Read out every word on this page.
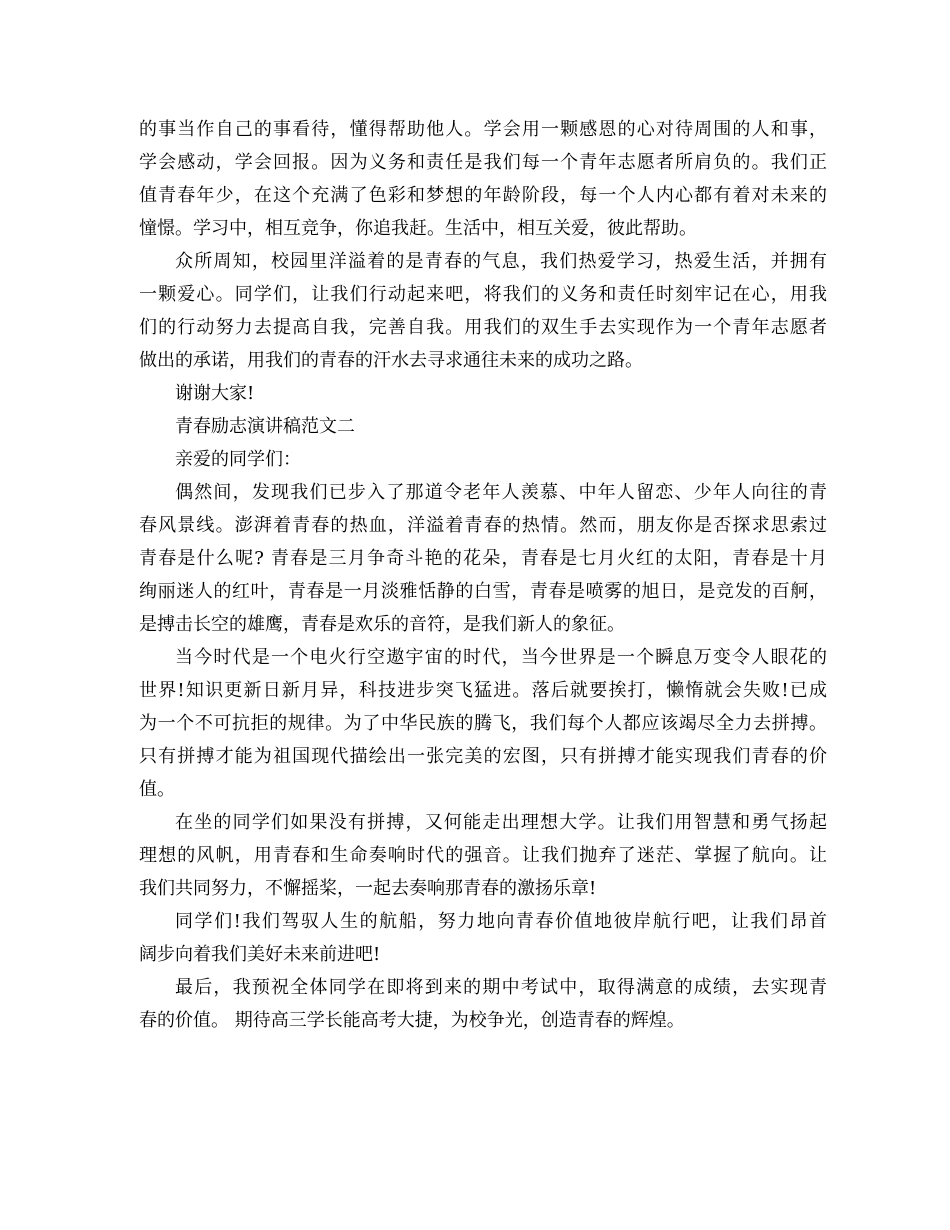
的事当作自己的事看待，懂得帮助他人。学会用一颗感恩的心对待周围的人和事，
学会感动，学会回报。因为义务和责任是我们每一个青年志愿者所肩负的。我们正
值青春年少，在这个充满了色彩和梦想的年龄阶段，每一个人内心都有着对未来的
憧憬。学习中，相互竞争，你追我赶。生活中，相互关爱，彼此帮助。
众所周知，校园里洋溢着的是青春的气息，我们热爱学习，热爱生活，并拥有
一颗爱心。同学们，让我们行动起来吧，将我们的义务和责任时刻牢记在心，用我
们的行动努力去提高自我，完善自我。用我们的双生手去实现作为一个青年志愿者
做出的承诺，用我们的青春的汗水去寻求通往未来的成功之路。
谢谢大家!
青春励志演讲稿范文二
亲爱的同学们：
偶然间，发现我们已步入了那道令老年人羡慕、中年人留恋、少年人向往的青
春风景线。澎湃着青春的热血，洋溢着青春的热情。然而，朋友你是否探求思索过
青春是什么呢? 青春是三月争奇斗艳的花朵，青春是七月火红的太阳，青春是十月
绚丽迷人的红叶，青春是一月淡雅恬静的白雪，青春是喷雾的旭日，是竞发的百舸，
是搏击长空的雄鹰，青春是欢乐的音符，是我们新人的象征。
当今时代是一个电火行空遨宇宙的时代，当今世界是一个瞬息万变令人眼花的
世界!知识更新日新月异，科技进步突飞猛进。落后就要挨打，懒惰就会失败!已成
为一个不可抗拒的规律。为了中华民族的腾飞，我们每个人都应该竭尽全力去拼搏。
只有拼搏才能为祖国现代描绘出一张完美的宏图，只有拼搏才能实现我们青春的价
值。
在坐的同学们如果没有拼搏，又何能走出理想大学。让我们用智慧和勇气扬起
理想的风帆，用青春和生命奏响时代的强音。让我们抛弃了迷茫、掌握了航向。让
我们共同努力，不懈摇桨，一起去奏响那青春的激扬乐章!
同学们!我们驾驭人生的航船，努力地向青春价值地彼岸航行吧，让我们昂首
阔步向着我们美好未来前进吧!
最后，我预祝全体同学在即将到来的期中考试中，取得满意的成绩，去实现青
春的价值。 期待高三学长能高考大捷，为校争光，创造青春的辉煌。
